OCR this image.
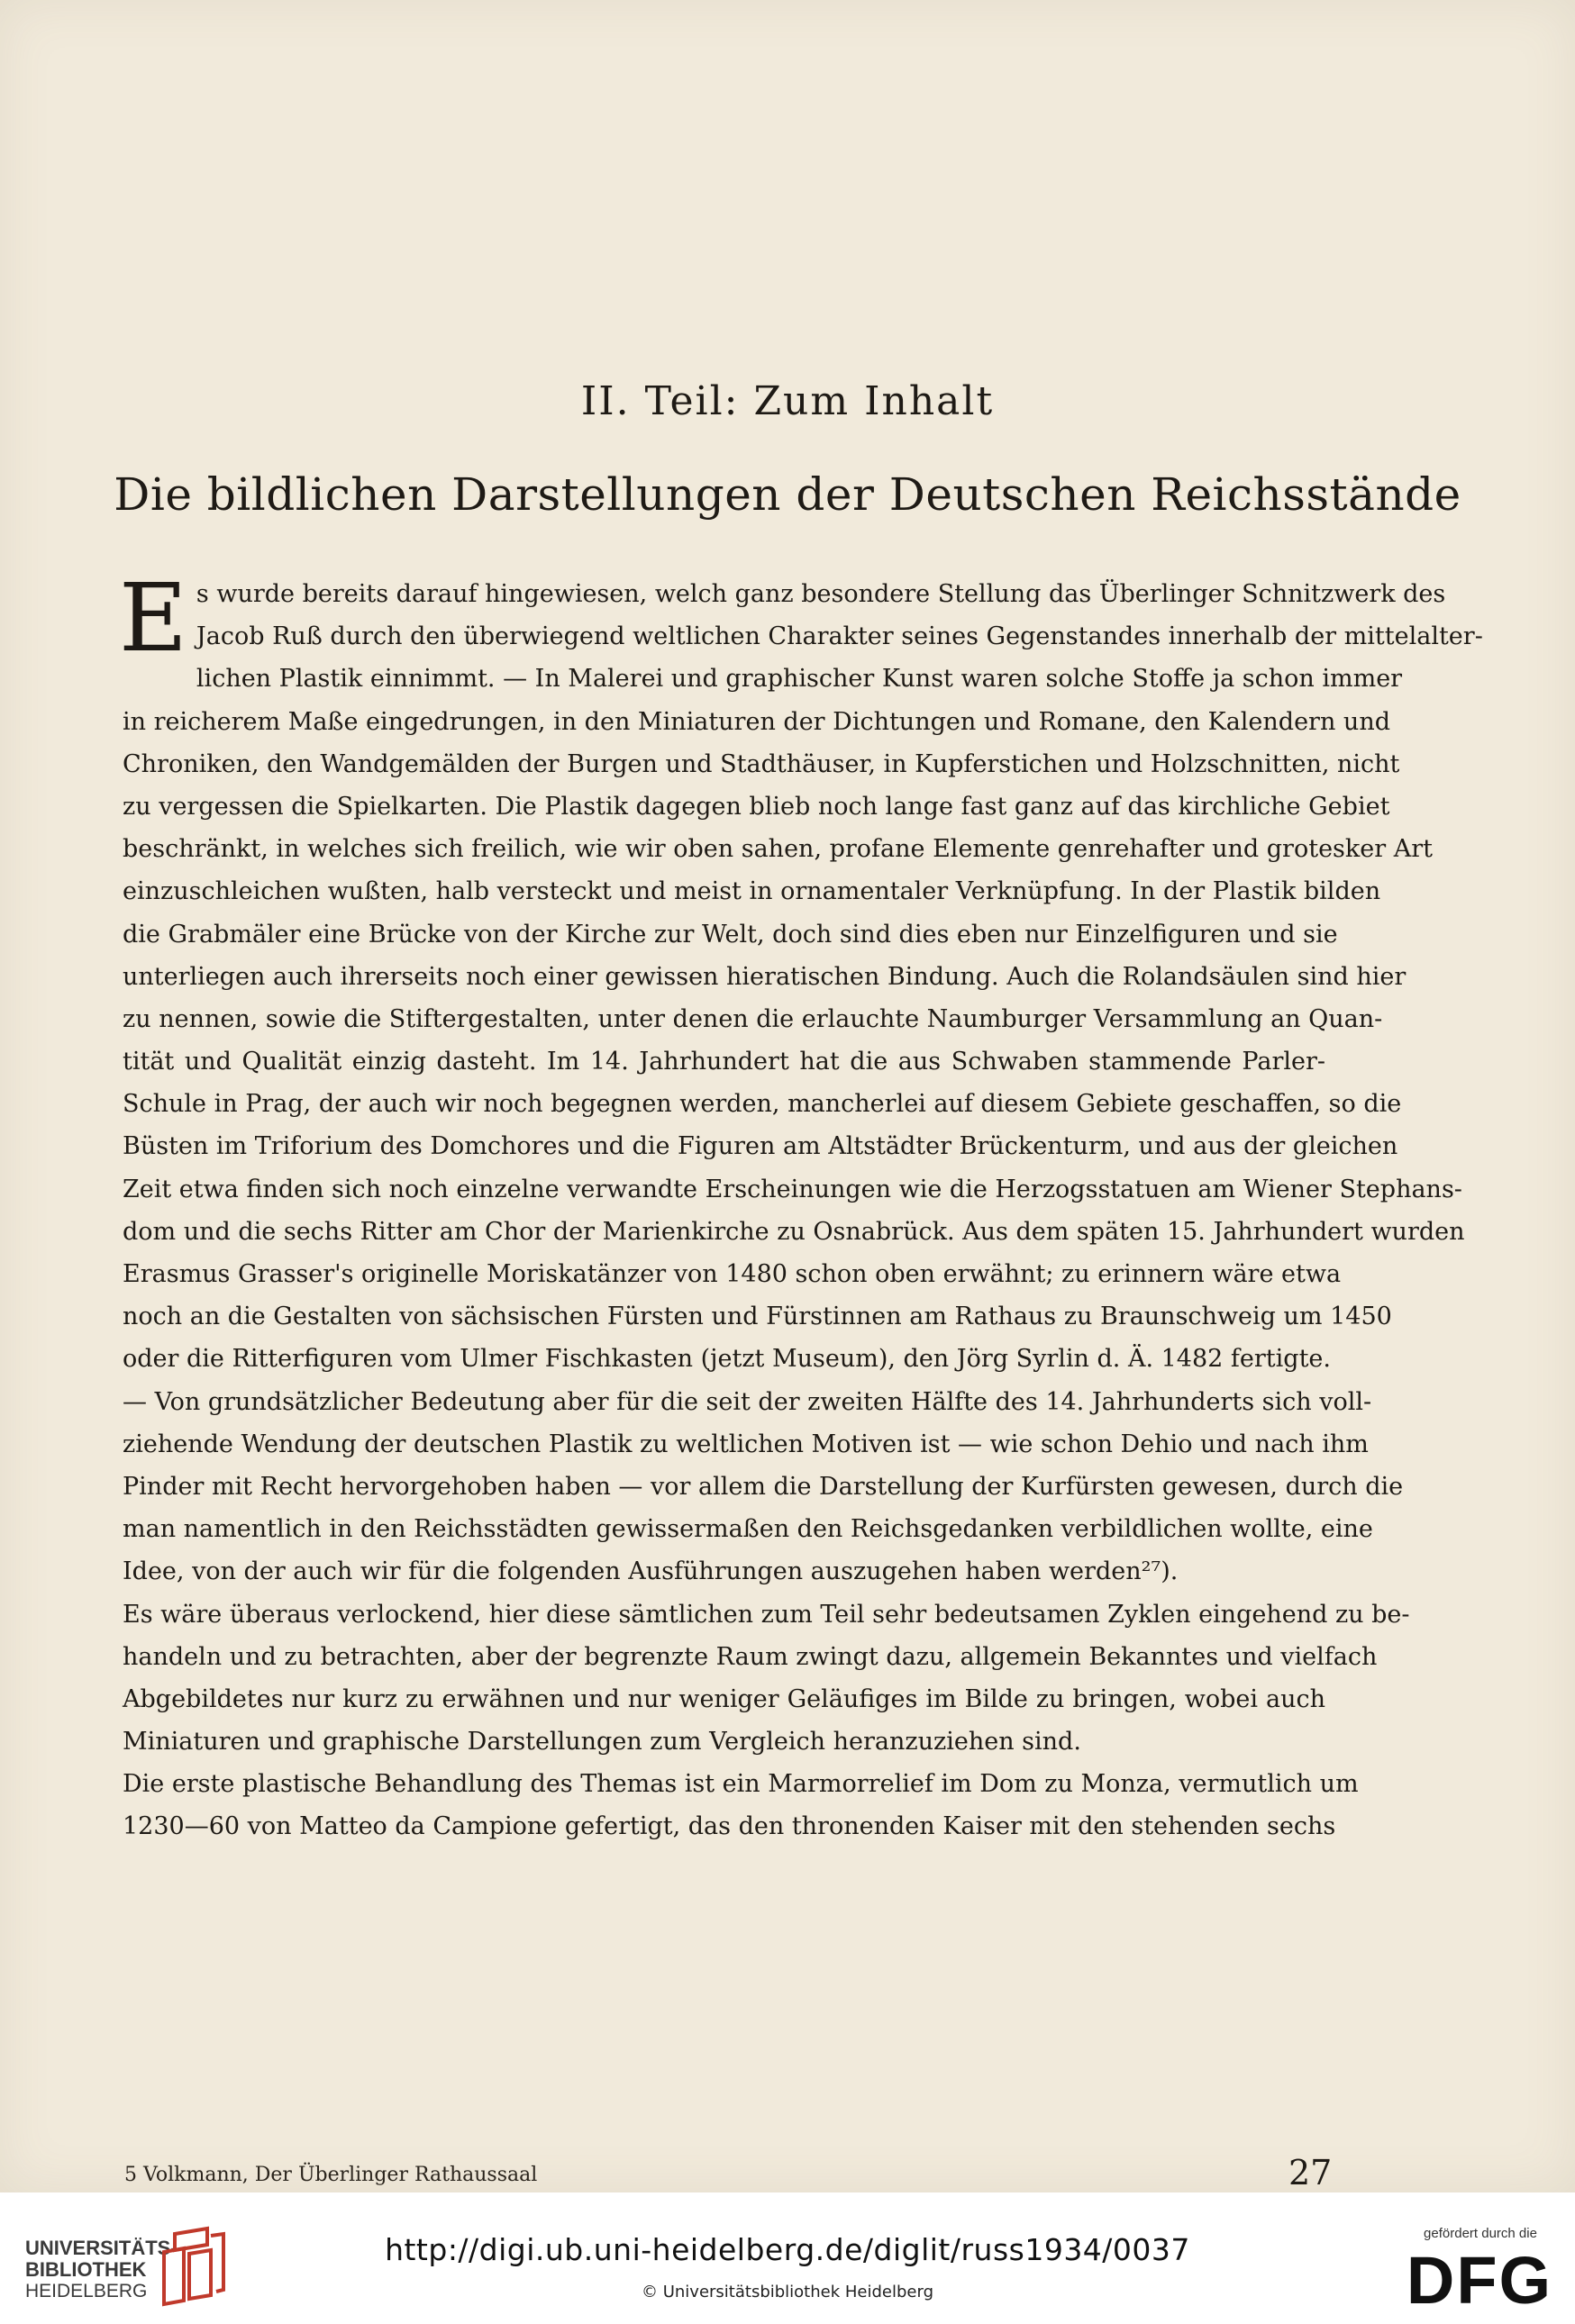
II. Teil: Zum Inhalt
Die bildlichen Darstellungen der Deutschen Reichsstände
E s wurde bereits darauf hingewiesen, welch ganz besondere Stellung das Überlinger Schnitzwerk des
Jacob Ruß durch den überwiegend weltlichen Charakter seines Gegenstandes innerhalb der mittelalter-
lichen Plastik einnimmt. — In Malerei und graphischer Kunst waren solche Stoffe ja schon immer
in reicherem Maße eingedrungen, in den Miniaturen der Dichtungen und Romane, den Kalendern und
Chroniken, den Wandgemälden der Burgen und Stadthäuser, in Kupferstichen und Holzschnitten, nicht
zu vergessen die Spielkarten. Die Plastik dagegen blieb noch lange fast ganz auf das kirchliche Gebiet
beschränkt, in welches sich freilich, wie wir oben sahen, profane Elemente genrehafter und grotesker Art
einzuschleichen wußten, halb versteckt und meist in ornamentaler Verknüpfung. In der Plastik bilden
die Grabmäler eine Brücke von der Kirche zur Welt, doch sind dies eben nur Einzelfiguren und sie
unterliegen auch ihrerseits noch einer gewissen hieratischen Bindung. Auch die Rolandsäulen sind hier
zu nennen, sowie die Stiftergestalten, unter denen die erlauchte Naumburger Versammlung an Quan-
tität und Qualität einzig dasteht. Im 14. Jahrhundert hat die aus Schwaben stammende Parler-
Schule in Prag, der auch wir noch begegnen werden, mancherlei auf diesem Gebiete geschaffen, so die
Büsten im Triforium des Domchores und die Figuren am Altstädter Brückenturm, und aus der gleichen
Zeit etwa finden sich noch einzelne verwandte Erscheinungen wie die Herzogsstatuen am Wiener Stephans-
dom und die sechs Ritter am Chor der Marienkirche zu Osnabrück. Aus dem späten 15. Jahrhundert wurden
Erasmus Grasser's originelle Moriskatänzer von 1480 schon oben erwähnt; zu erinnern wäre etwa
noch an die Gestalten von sächsischen Fürsten und Fürstinnen am Rathaus zu Braunschweig um 1450
oder die Ritterfiguren vom Ulmer Fischkasten (jetzt Museum), den Jörg Syrlin d. Ä. 1482 fertigte.
— Von grundsätzlicher Bedeutung aber für die seit der zweiten Hälfte des 14. Jahrhunderts sich voll-
ziehende Wendung der deutschen Plastik zu weltlichen Motiven ist — wie schon Dehio und nach ihm
Pinder mit Recht hervorgehoben haben — vor allem die Darstellung der Kurfürsten gewesen, durch die
man namentlich in den Reichsstädten gewissermaßen den Reichsgedanken verbildlichen wollte, eine
Idee, von der auch wir für die folgenden Ausführungen auszugehen haben werden²⁷).
Es wäre überaus verlockend, hier diese sämtlichen zum Teil sehr bedeutsamen Zyklen eingehend zu be-
handeln und zu betrachten, aber der begrenzte Raum zwingt dazu, allgemein Bekanntes und vielfach
Abgebildetes nur kurz zu erwähnen und nur weniger Geläufiges im Bilde zu bringen, wobei auch
Miniaturen und graphische Darstellungen zum Vergleich heranzuziehen sind.
Die erste plastische Behandlung des Themas ist ein Marmorrelief im Dom zu Monza, vermutlich um
1230—60 von Matteo da Campione gefertigt, das den thronenden Kaiser mit den stehenden sechs
5 Volkmann, Der Überlinger Rathaussaal	27
UNIVERSITÄTS-
BIBLIOTHEK
HEIDELBERG
http://digi.ub.uni-heidelberg.de/diglit/russ1934/0037
© Universitätsbibliothek Heidelberg
gefördert durch die
DFG
